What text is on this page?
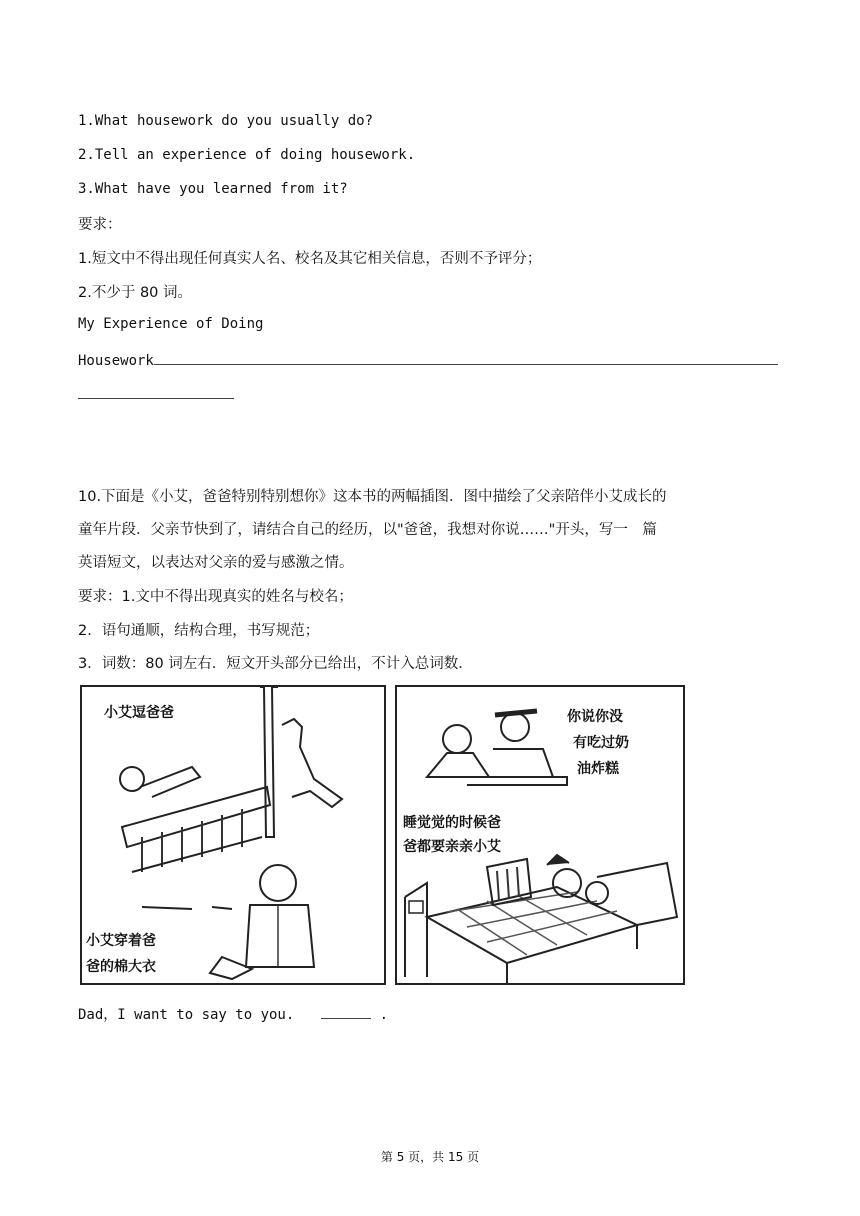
1.What housework do you usually do?
2.Tell an experience of doing housework.
3.What have you learned from it?
要求：
1.短文中不得出现任何真实人名、校名及其它相关信息，否则不予评分；
2.不少于 80 词。
My Experience of Doing
Housework
10.下面是《小艾，爸爸特别特别想你》这本书的两幅插图．图中描绘了父亲陪伴小艾成长的
童年片段．父亲节快到了，请结合自己的经历，以"爸爸，我想对你说……"开头，写一　篇
英语短文，以表达对父亲的爱与感激之情。
要求：1.文中不得出现真实的姓名与校名；
2．语句通顺，结构合理，书写规范；
3．词数：80 词左右．短文开头部分已给出，不计入总词数．
小艾逗爸爸
小艾穿着爸
爸的棉大衣
你说你没
有吃过奶
油炸糕
睡觉觉的时候爸
爸都要亲亲小艾
Dad，I want to say to you.	.
第 5 页，共 15 页
